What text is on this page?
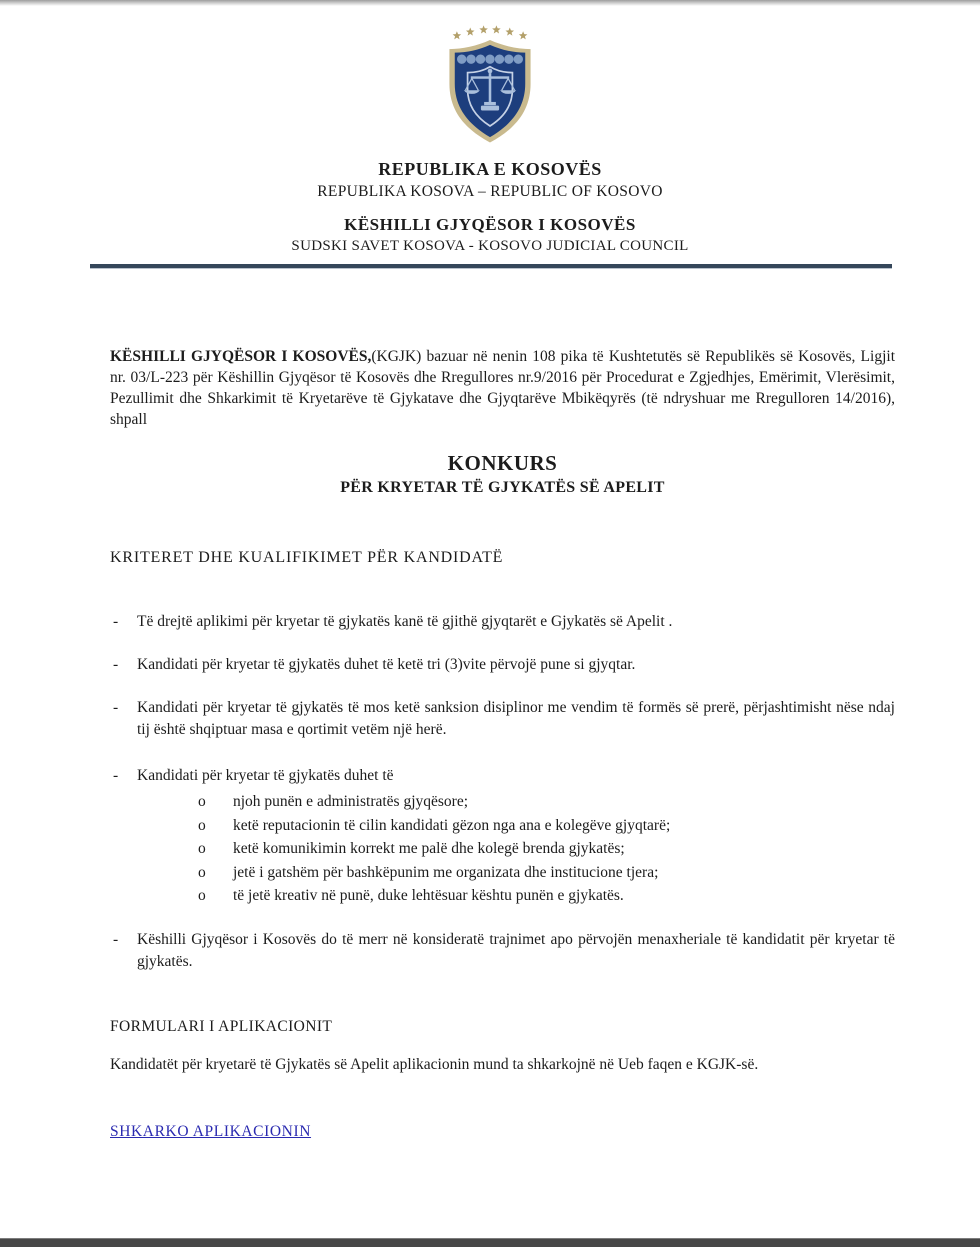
REPUBLIKA E KOSOVËS
REPUBLIKA KOSOVA – REPUBLIC OF KOSOVO
KËSHILLI GJYQËSOR I KOSOVËS
SUDSKI SAVET KOSOVA - KOSOVO JUDICIAL COUNCIL

KËSHILLI GJYQËSOR I KOSOVËS,(KGJK) bazuar në nenin 108 pika të Kushtetutës së Republikës së Kosovës, Ligjit nr. 03/L-223 për Këshillin Gjyqësor të Kosovës dhe Rregullores nr.9/2016 për Procedurat e Zgjedhjes, Emërimit, Vlerësimit, Pezullimit dhe Shkarkimit të Kryetarëve të Gjykatave dhe Gjyqtarëve Mbikëqyrës (të ndryshuar me Rregulloren 14/2016), shpall

KONKURS
PËR KRYETAR TË GJYKATËS SË APELIT
KRITERET DHE KUALIFIKIMET PËR KANDIDATË
-	Të drejtë aplikimi për kryetar të gjykatës kanë të gjithë gjyqtarët e Gjykatës së Apelit .
-	Kandidati për kryetar të gjykatës duhet të ketë tri (3)vite përvojë pune si gjyqtar.
-	Kandidati për kryetar të gjykatës të mos ketë sanksion disiplinor me vendim të formës së prerë, përjashtimisht nëse ndaj tij është shqiptuar masa e qortimit vetëm një herë.
-	Kandidati për kryetar të gjykatës duhet të
o	njoh punën e administratës gjyqësore;
o	ketë reputacionin të cilin kandidati gëzon nga ana e kolegëve gjyqtarë;
o	ketë komunikimin korrekt me palë dhe kolegë brenda gjykatës;
o	jetë i gatshëm për bashkëpunim me organizata dhe institucione tjera;
o	të jetë kreativ në punë, duke lehtësuar kështu punën e gjykatës.
-	Këshilli Gjyqësor i Kosovës do të merr në konsideratë trajnimet apo përvojën menaxheriale të kandidatit për kryetar të gjykatës.
FORMULARI I APLIKACIONIT

Kandidatët për kryetarë të Gjykatës së Apelit aplikacionin mund ta shkarkojnë në Ueb faqen e KGJK-së.

SHKARKO APLIKACIONIN
